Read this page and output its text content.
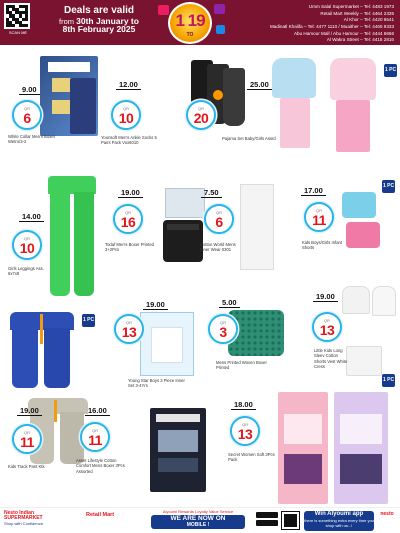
SCAN ME
Deals are valid
from 30th January to
8th February 2025	1 19
TO
Umm Salal Supermarket – Tel: 4483 1973
Retail Mart Weekly – Tel: 4464 2335
Al Khor – Tel: 4420 6541
Madinatl Khalifa – Tel: 4477 1110 / Muaither – Tel: 4465 9333
Abu Hamour Mall / Abu Hamour – Tel: 4444 6666
Al Wakra Street – Tel: 4415 2816
9.00
QR
6
White Collar Men's Boxer Wetro/3-2
12.00
QR
10
Younsoft Men's Ankle Socks 5 Pairs Pack Vox6010
1 PC
25.00
QR
20
Pajama Set Baby/Girls Assrd
14.00
QR
10
Girls Leggings Ass. 6x7x8
19.00
QR
16
Todaf Men's Boxer Printed 3+2Pcs
7.50
QR
6
Cotton World Mens Inner Wear 0301
1 PC
17.00
QR
11
Kids Boys/Girls Infant Shorts
1 PC
19.00
QR
13
Young Star Boys 3 Piece Inner Set 3-4Yrs
5.00
QR
3
Mens Printed Woven Boxer Printed
19.00
QR
13
Little Kids Long Sleev Cotton Shorts Vest White Cress
19.00
QR
11
Kids Track Pant Ktk
16.00
QR
11
Asset Lifestyle Cotton Comfort Mens Boxer 3Pcs Assorted
1 PC
18.00
QR
13
Secret Women Soft 3Pcs Pack
Nesto Indian
SUPERMARKET
Shop with Confidence
Retail Mart
Alyoumi Rewards Loyalty Value Service
WE ARE NOW ON
MOBILE !
Win Alyoumi app
there is something extra every time you shop with us...!
nesto
